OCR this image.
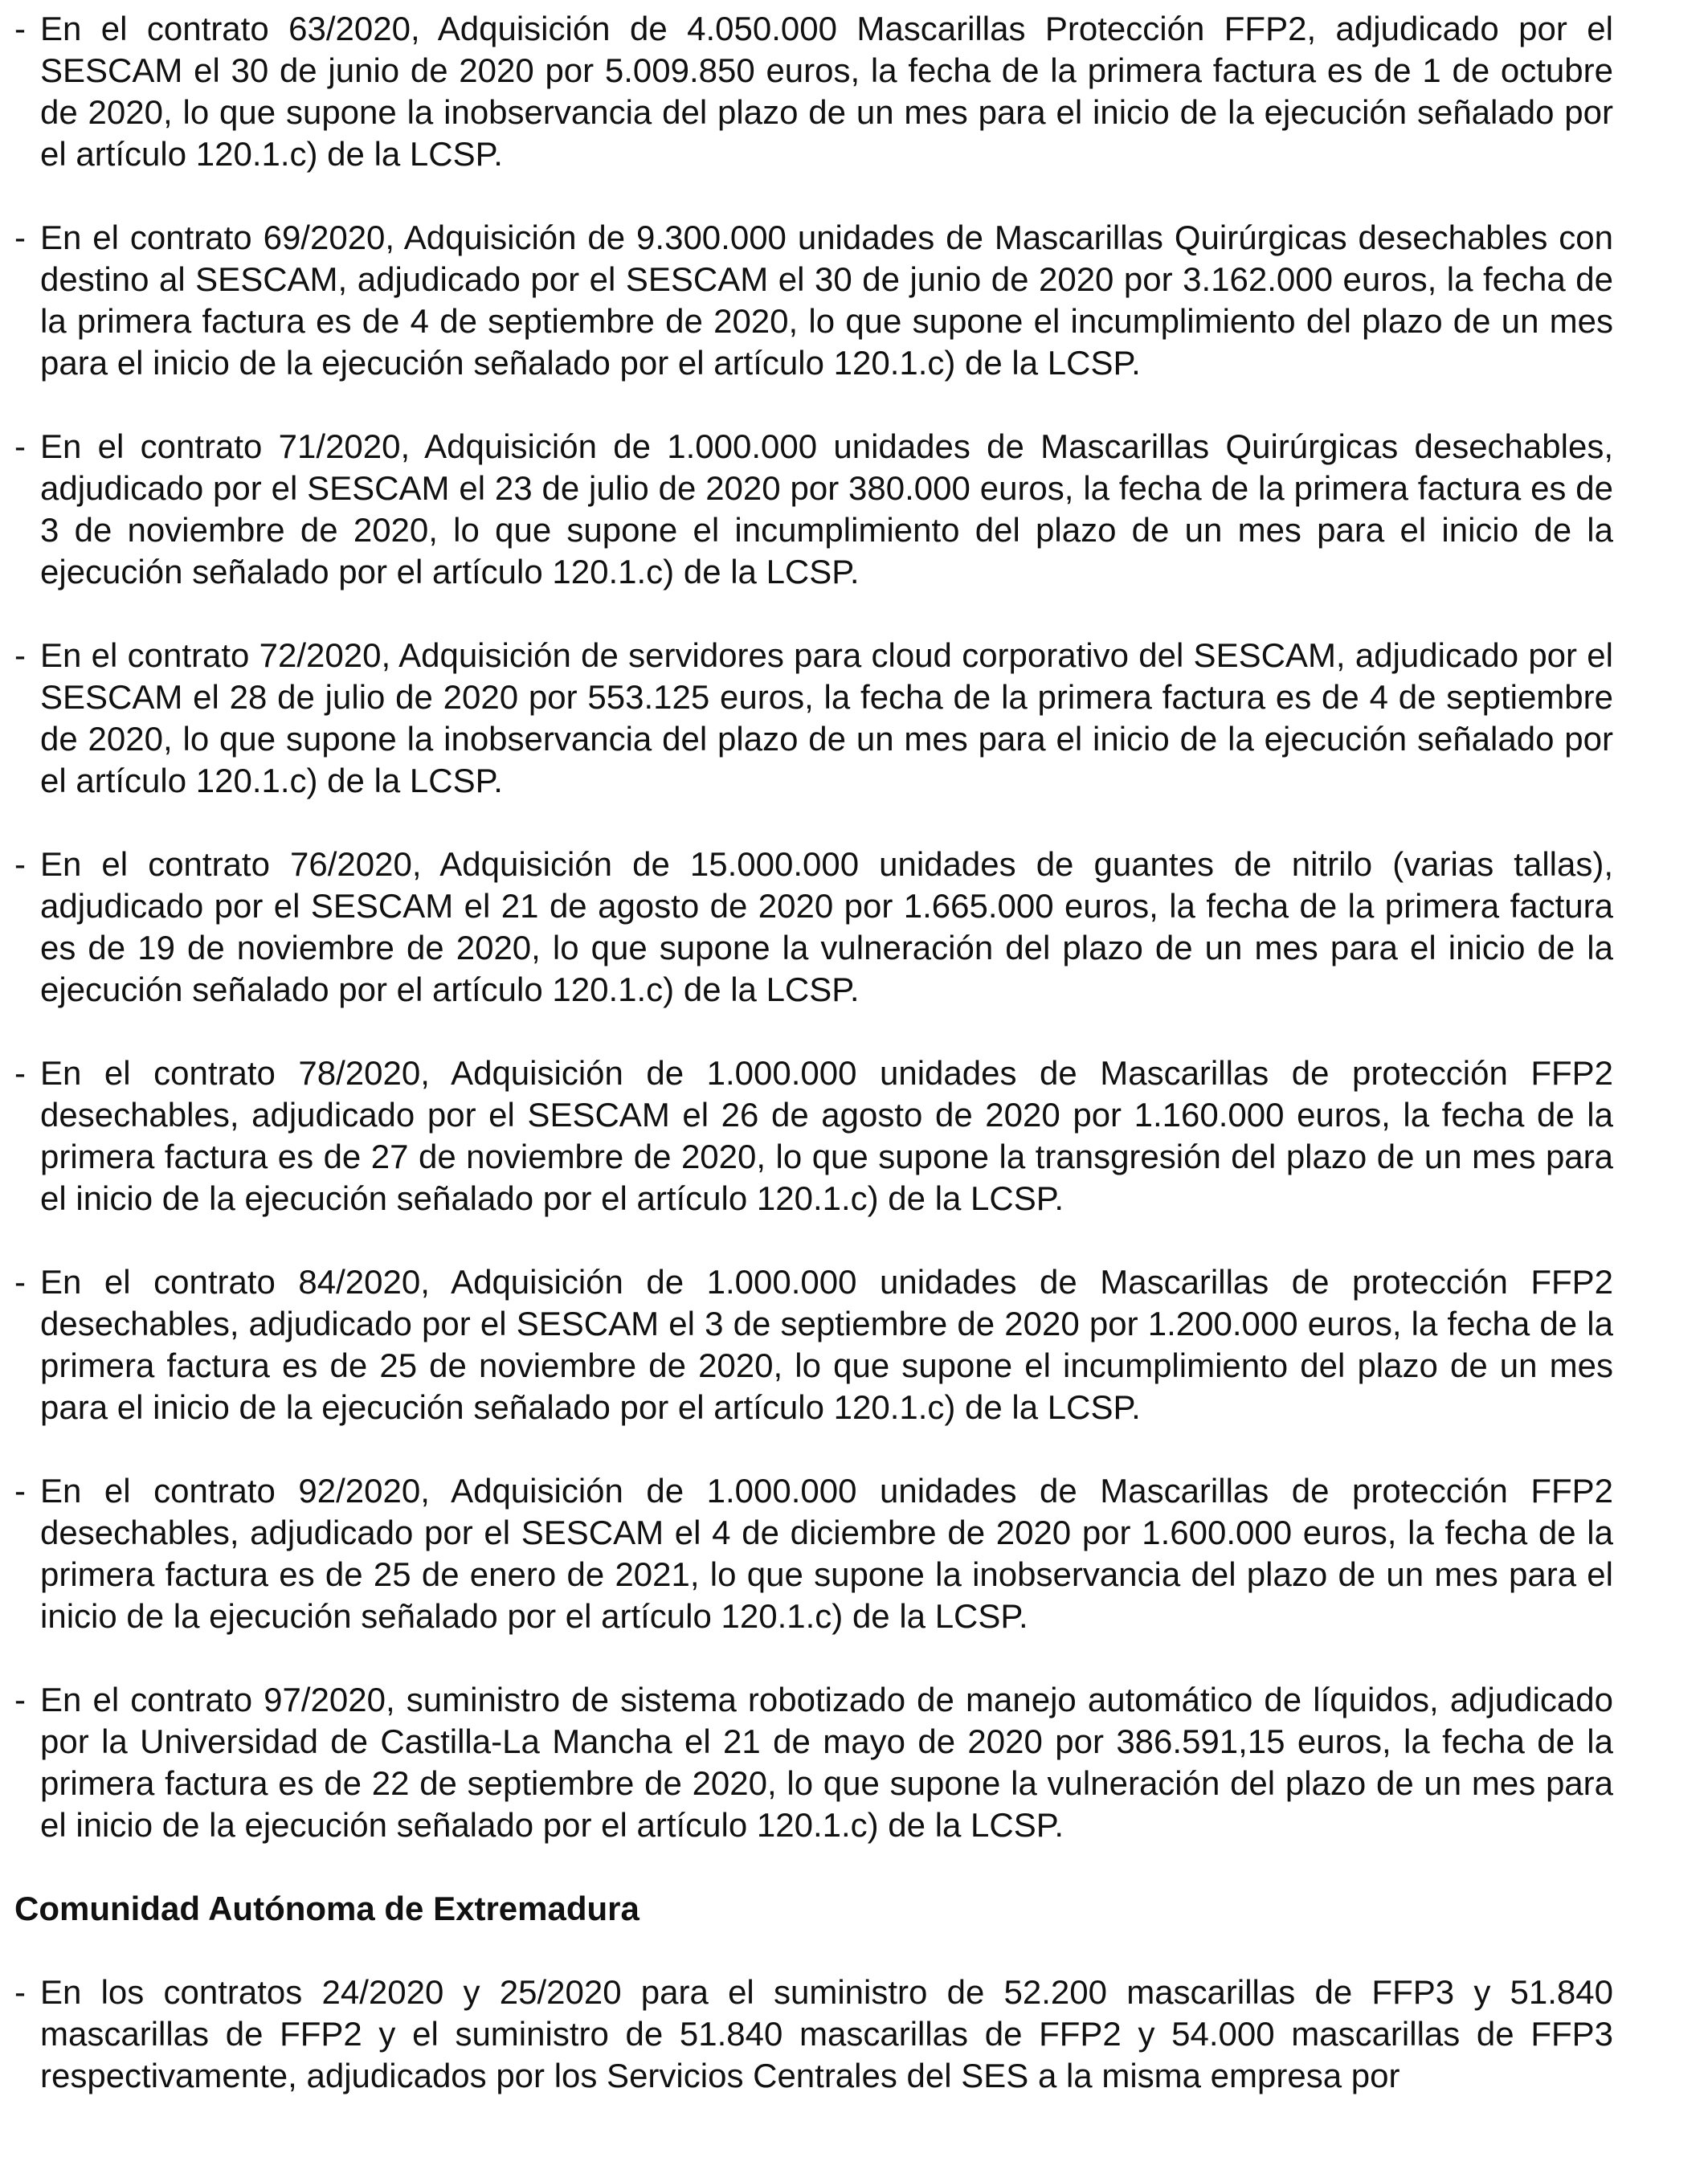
- En el contrato 63/2020, Adquisición de 4.050.000 Mascarillas Protección FFP2, adjudicado por el SESCAM el 30 de junio de 2020 por 5.009.850 euros, la fecha de la primera factura es de 1 de octubre de 2020, lo que supone la inobservancia del plazo de un mes para el inicio de la ejecución señalado por el artículo 120.1.c) de la LCSP.
- En el contrato 69/2020, Adquisición de 9.300.000 unidades de Mascarillas Quirúrgicas desechables con destino al SESCAM, adjudicado por el SESCAM el 30 de junio de 2020 por 3.162.000 euros, la fecha de la primera factura es de 4 de septiembre de 2020, lo que supone el incumplimiento del plazo de un mes para el inicio de la ejecución señalado por el artículo 120.1.c) de la LCSP.
- En el contrato 71/2020, Adquisición de 1.000.000 unidades de Mascarillas Quirúrgicas desechables, adjudicado por el SESCAM el 23 de julio de 2020 por 380.000 euros, la fecha de la primera factura es de 3 de noviembre de 2020, lo que supone el incumplimiento del plazo de un mes para el inicio de la ejecución señalado por el artículo 120.1.c) de la LCSP.
- En el contrato 72/2020, Adquisición de servidores para cloud corporativo del SESCAM, adjudicado por el SESCAM el 28 de julio de 2020 por 553.125 euros, la fecha de la primera factura es de 4 de septiembre de 2020, lo que supone la inobservancia del plazo de un mes para el inicio de la ejecución señalado por el artículo 120.1.c) de la LCSP.
- En el contrato 76/2020, Adquisición de 15.000.000 unidades de guantes de nitrilo (varias tallas), adjudicado por el SESCAM el 21 de agosto de 2020 por 1.665.000 euros, la fecha de la primera factura es de 19 de noviembre de 2020, lo que supone la vulneración del plazo de un mes para el inicio de la ejecución señalado por el artículo 120.1.c) de la LCSP.
- En el contrato 78/2020, Adquisición de 1.000.000 unidades de Mascarillas de protección FFP2 desechables, adjudicado por el SESCAM el 26 de agosto de 2020 por 1.160.000 euros, la fecha de la primera factura es de 27 de noviembre de 2020, lo que supone la transgresión del plazo de un mes para el inicio de la ejecución señalado por el artículo 120.1.c) de la LCSP.
- En el contrato 84/2020, Adquisición de 1.000.000 unidades de Mascarillas de protección FFP2 desechables, adjudicado por el SESCAM el 3 de septiembre de 2020 por 1.200.000 euros, la fecha de la primera factura es de 25 de noviembre de 2020, lo que supone el incumplimiento del plazo de un mes para el inicio de la ejecución señalado por el artículo 120.1.c) de la LCSP.
- En el contrato 92/2020, Adquisición de 1.000.000 unidades de Mascarillas de protección FFP2 desechables, adjudicado por el SESCAM el 4 de diciembre de 2020 por 1.600.000 euros, la fecha de la primera factura es de 25 de enero de 2021, lo que supone la inobservancia del plazo de un mes para el inicio de la ejecución señalado por el artículo 120.1.c) de la LCSP.
- En el contrato 97/2020, suministro de sistema robotizado de manejo automático de líquidos, adjudicado por la Universidad de Castilla-La Mancha el 21 de mayo de 2020 por 386.591,15 euros, la fecha de la primera factura es de 22 de septiembre de 2020, lo que supone la vulneración del plazo de un mes para el inicio de la ejecución señalado por el artículo 120.1.c) de la LCSP.
Comunidad Autónoma de Extremadura
- En los contratos 24/2020 y 25/2020 para el suministro de 52.200 mascarillas de FFP3 y 51.840 mascarillas de FFP2 y el suministro de 51.840 mascarillas de FFP2 y 54.000 mascarillas de FFP3 respectivamente, adjudicados por los Servicios Centrales del SES a la misma empresa por
